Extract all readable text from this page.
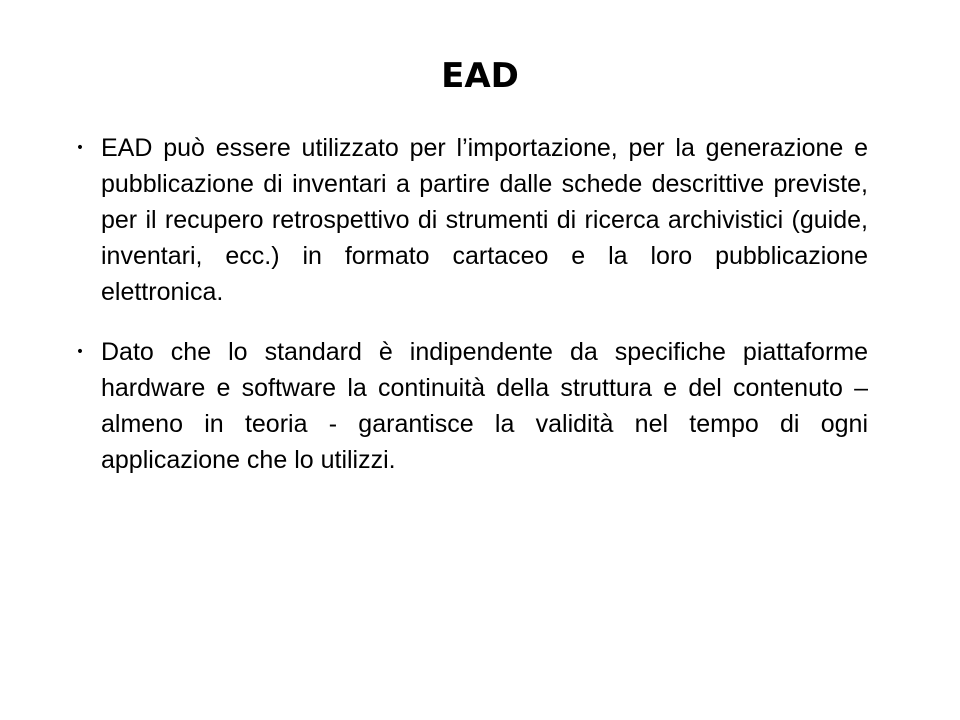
EAD
• EAD può essere utilizzato per l’importazione, per la generazione e pubblicazione di inventari a partire dalle schede descrittive previste, per il recupero retrospettivo di strumenti di ricerca archivistici (guide, inventari, ecc.) in formato cartaceo e la loro pubblicazione elettronica.
• Dato che lo standard è indipendente da specifiche piattaforme hardware e software la continuità della struttura e del contenuto – almeno in teoria - garantisce la validità nel tempo di ogni applicazione che lo utilizzi.
